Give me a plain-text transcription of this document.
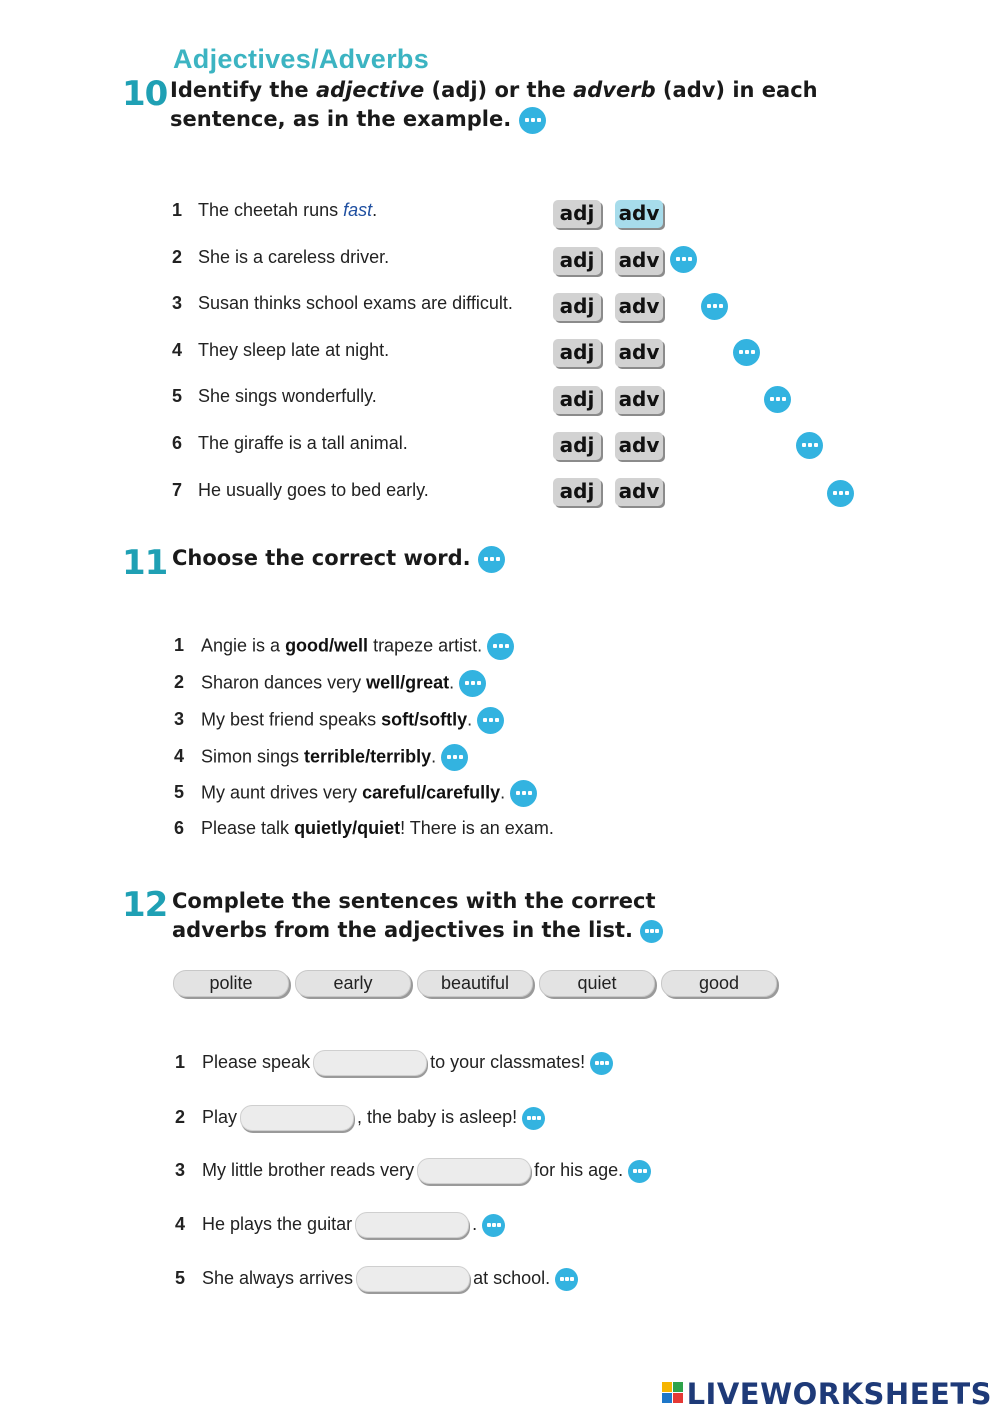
Adjectives/Adverbs
10 Identify the adjective (adj) or the adverb (adv) in each
sentence, as in the example.
1 The cheetah runs fast.	adj	adv
2 She is a careless driver.	adj	adv

3 Susan thinks school exams are difficult.	adj	adv

4 They sleep late at night.	adj	adv

5 She sings wonderfully.	adj	adv

6 The giraffe is a tall animal.	adj	adv

7 He usually goes to bed early.	adj	adv
11 Choose the correct word.
1 Angie is a good/well trapeze artist.
2 Sharon dances very well/great.
3 My best friend speaks soft/softly.
4 Simon sings terrible/terribly.
5 My aunt drives very careful/carefully.
6 Please talk quietly/quiet! There is an exam.
12 Complete the sentences with the correct
adverbs from the adjectives in the list.
polite	early	beautiful	quiet	good
1 Please speak	to your classmates!
2 Play	, the baby is asleep!
3 My little brother reads very	for his age.
4 He plays the guitar	.
5 She always arrives	at school.
LIVEWORKSHEETS
